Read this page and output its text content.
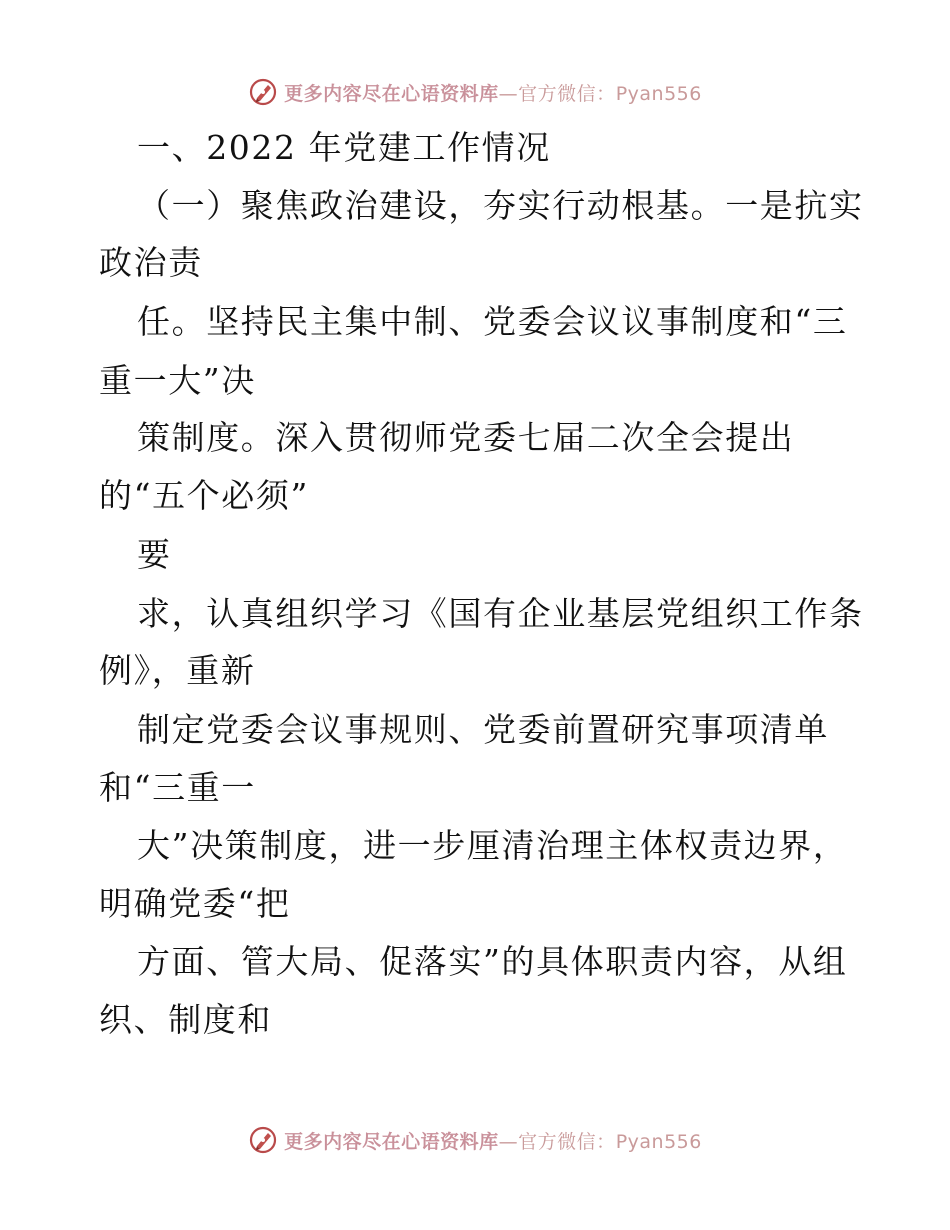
更多内容尽在心语资料库—官方微信：Pyan556
一、2022 年党建工作情况
（一）聚焦政治建设，夯实行动根基。一是抗实
政治责
任。坚持民主集中制、党委会议议事制度和“三
重一大”决
策制度。深入贯彻师党委七届二次全会提出
的“五个必须”
要
求，认真组织学习《国有企业基层党组织工作条
例》，重新
制定党委会议事规则、党委前置研究事项清单
和“三重一
大”决策制度，进一步厘清治理主体权责边界，
明确党委“把
方面、管大局、促落实”的具体职责内容，从组
织、制度和
更多内容尽在心语资料库—官方微信：Pyan556
